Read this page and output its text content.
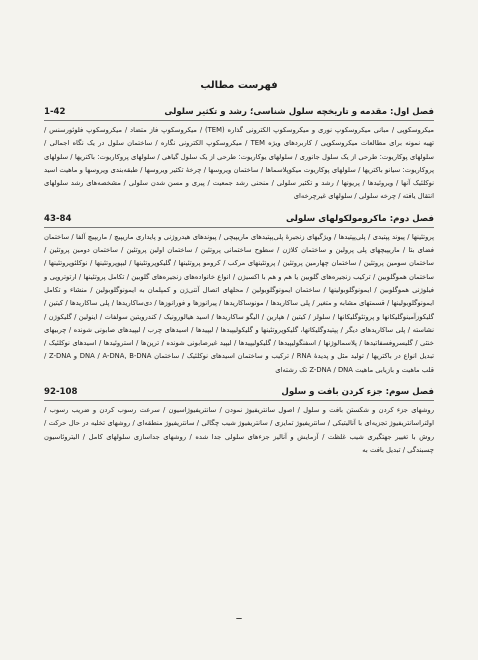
فهرست مطالب
فصل اول: مقدمه و تاریخچه سلول شناسی؛ رشد و تکثیر سلولی
1-42
میکروسکوپی / مبانی میکروسکوپ نوری و میکروسکوپ الکترونی گذاره (TEM) / میکروسکوپ فاز متضاد / میکروسکوپ فلوئورسنس / تهیه نمونه برای مطالعات میکروسکوپی / کاربردهای ویژه TEM / میکروسکوپ الکترونی نگاره / ساختمان سلول در یک نگاه اجمالی / سلولهای پوکاریوت: طرحی از یک سلول جانوری / سلولهای یوکاریوت: طرحی از یک سلول گیاهی / سلولهای پروکاریوت: باکتریها / سلولهای پروکاریوت: سیانو باکتریها / سلولهای پوکاریوت میکوپلاسماها / ساختمان ویروسها / چرخهٔ تکثیر ویروسها / طبقه‌بندی ویروسها و ماهیت اسید نوکلئیک آنها / ویروئیدها / پریونها / رشد و تکثیر سلولی / منحنی رشد جمعیت / پیری و مسن شدن سلولی / مشخصه‌های رشد سلولهای انتقال یافته / چرخه سلولی / سلولهای غیرچرخه‌ای
فصل دوم: ماکرومولکولهای سلولی
43-84
پروتئینها / پیوند پپتیدی / پلی‌پپتیدها / ویژگیهای زنجیرۀ پلی‌پپتیدهای ماریپیچی / پیوندهای هیدروژنی و پایداری ماریپیچ / ماریپیچ آلفا / ساختمان فضای بتا / ماریپیچهای پلی پرولین و ساختمان کلاژن / سطوح ساختمانی پروتئین / ساختمان اولین پروتئین / ساختمان دومین پروتئین / ساختمان سومین پروتئین / ساختمان چهارمین پروتئین / پروتئینهای مرکب / کرومو پروتئینها / گلیکوپروتئینها / لیپوپروتئینها / نوکلئوپروتئینها / ساختمان هموگلوبین / ترکیب زنجیره‌های گلوبین یا هم و هم با اکسیژن / انواع خانواده‌های زنجیره‌های گلوبین / تکامل پروتئینها / ارتوتروپی و فیلوژنی هموگلوبین / ایمونوگلوبولینها / ساختمان ایمونوگلوبولین / محلهای اتصال آنتی‌ژن و کمپلمان به ایمونوگلوبولین / منشاء و تکامل ایمونوگلوبولینها / قسمتهای مشابه و متغیر / پلی ساکاریدها / مونوساکاریدها / پیرانوزها و فورانوزها / دی‌ساکاریدها / پلی ساکاریدها / کیتین / گلیکوزآمینوگلیکانها و پروتئوگلیکانها / سلولز / کیتین / هپارین / الیگو ساکاریدها / اسید هیالورونیک / کندرویتین سولفات / اینولین / گلیکوژن / نشاسته / پلی ساکاریدهای دیگر / پپتیدوگلیکانها، گلیکوپروتئینها و گلیکولیپیدها / لیپیدها / اسیدهای چرب / لیپیدهای صابونی شونده / چربیهای خنثی / گلیسروفسفاتیدها / پلاسمالوژنها / اسفنگولیپیدها / گلیکولیپیدها / لیپید غیرصابونی شونده / ترپن‌ها / استروئیدها / اسیدهای نوکلئیک / تبدیل انواع در باکتریها / تولید مثل و پدیدهٔ RNA / ترکیب و ساختمان اسیدهای نوکلئیک / ساختمان DNA / A-DNA, B-DNA و Z-DNA / قلب ماهیت و بازیابی ماهیت Z-DNA / DNA تک رشته‌ای
فصل سوم: جزء کردن بافت و سلول
92-108
روشهای جزء کردن و شکستن بافت و سلول / اصول سانتریفیوژ نمودن / سانتریفیوژاسیون / سرعت رسوب کردن و ضریب رسوب / اولتراسانتریفیوژ تجزیه‌ای با آنالیتیکی / سانتریفیوژ تمایزی / سانتریفیوژ شیب چگالی / سانتریفیوژ منطقه‌ای / روشهای تخلیه در حال حرکت / روش با تغییر جهتگیری شیب غلظت / آزمایش و آنالیز جزءهای سلولی جدا شده / روشهای جداسازی سلولهای کامل / الیتروئاسیون چسبندگی / تبدیل بافت به
ــ
